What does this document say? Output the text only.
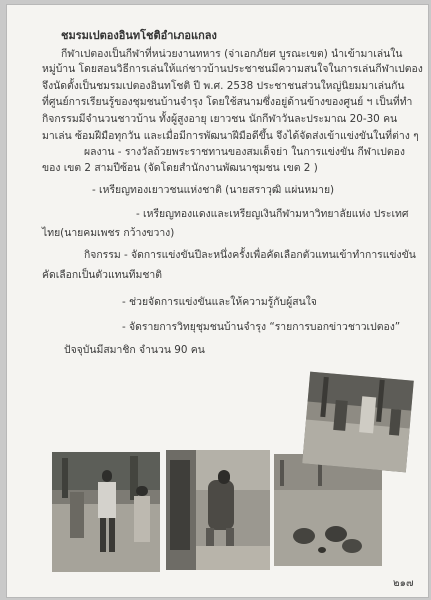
ชมรมเปตองอินทโชติอำเภอแกลง
กีฬาเปตองเป็นกีฬาที่หน่วยงานทหาร (จ่าเอกภัยศ บูรณะเขต) นำเข้ามาเล่นใน
หมู่บ้าน โดยสอนวิธีการเล่นให้แก่ชาวบ้านประชาชนมีความสนใจในการเล่นกีฬาเปตอง
จึงนัดตั้งเป็นชมรมเปตองอินทโชติ ปี พ.ศ. 2538 ประชาชนส่วนใหญ่นิยมมาเล่นกัน
ที่ศูนย์การเรียนรู้ของชุมชนบ้านจำรุง โดยใช้สนามซึ่งอยู่ด้านข้างของศูนย์ ฯ เป็นที่ทำ
กิจกรรมมีจำนวนชาวบ้าน ทั้งผู้สูงอายุ เยาวชน นักกีฬาวันละประมาณ 20-30 คน
มาเล่น ซ้อมฝีมือทุกวัน และเมื่อมีการพัฒนาฝีมือดีขึ้น จึงได้จัดส่งเข้าแข่งขันในที่ต่าง ๆ
ผลงาน - รางวัลถ้วยพระราชทานของสมเด็จย่า ในการแข่งขัน กีฬาเปตอง
ของ เขต 2 สามปีซ้อน (จัดโดยสำนักงานพัฒนาชุมชน เขต 2 )
- เหรียญทองเยาวชนแห่งชาติ (นายสราวุฒิ แผ่นหมาย)
- เหรียญทองแดงและเหรียญเงินกีฬามหาวิทยาลัยแห่ง ประเทศ
ไทย(นายคมเพชร กว้างขวาง)
กิจกรรม - จัดการแข่งขันปีละหนึ่งครั้งเพื่อคัดเลือกตัวแทนเข้าทำการแข่งขัน
คัดเลือกเป็นตัวแทนทีมชาติ
- ช่วยจัดการแข่งขันและให้ความรู้กับผู้สนใจ
- จัดรายการวิทยุชุมชนบ้านจำรุง “รายการบอกข่าวชาวเปตอง”
ปัจจุบันมีสมาชิก จำนวน 90 คน
๒๑๗
